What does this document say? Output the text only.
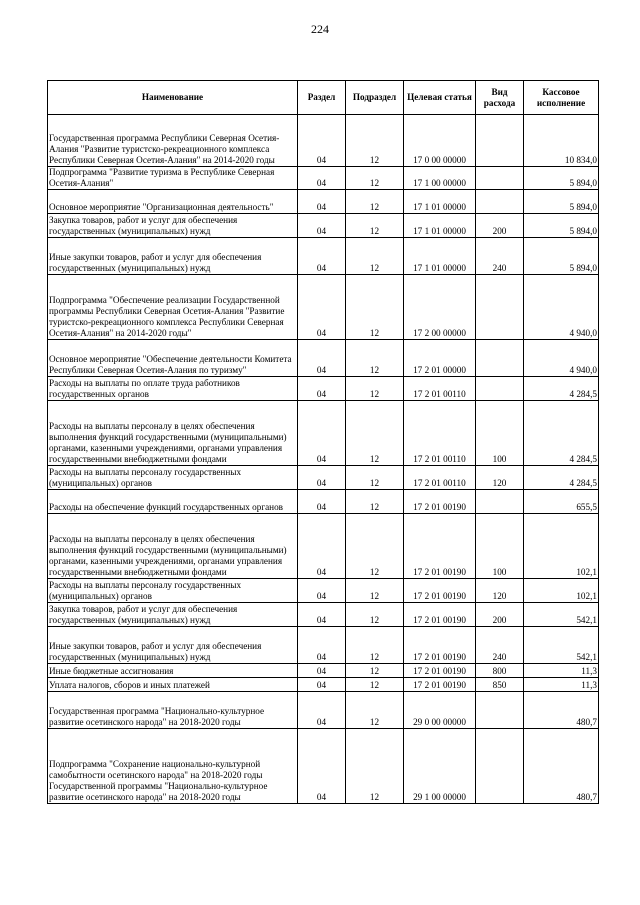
224
Наименование	Раздел	Подраздел	Целевая статья	Вид расхода	Кассовое исполнение
Государственная программа Республики Северная Осетия-Алания "Развитие туристско-рекреационного комплекса Республики Северная Осетия-Алания" на 2014-2020 годы	04	12	17 0 00 00000		10 834,0
Подпрограмма "Развитие туризма в Республике Северная Осетия-Алания"	04	12	17 1 00 00000		5 894,0
Основное мероприятие "Организационная деятельность"	04	12	17 1 01 00000		5 894,0
Закупка товаров, работ и услуг для обеспечения государственных (муниципальных) нужд	04	12	17 1 01 00000	200	5 894,0
Иные закупки товаров, работ и услуг для обеспечения государственных (муниципальных) нужд	04	12	17 1 01 00000	240	5 894,0
Подпрограмма "Обеспечение реализации Государственной программы Республики Северная Осетия-Алания "Развитие туристско-рекреационного комплекса Республики Северная Осетия-Алания" на 2014-2020 годы"	04	12	17 2 00 00000		4 940,0
Основное мероприятие "Обеспечение деятельности Комитета Республики Северная Осетия-Алания по туризму"	04	12	17 2 01 00000		4 940,0
Расходы на выплаты по оплате труда работников государственных органов	04	12	17 2 01 00110		4 284,5
Расходы на выплаты персоналу в целях обеспечения выполнения функций государственными (муниципальными) органами, казенными учреждениями, органами управления государственными внебюджетными фондами	04	12	17 2 01 00110	100	4 284,5
Расходы на выплаты персоналу государственных (муниципальных) органов	04	12	17 2 01 00110	120	4 284,5
Расходы на обеспечение функций государственных органов	04	12	17 2 01 00190		655,5
Расходы на выплаты персоналу в целях обеспечения выполнения функций государственными (муниципальными) органами, казенными учреждениями, органами управления государственными внебюджетными фондами	04	12	17 2 01 00190	100	102,1
Расходы на выплаты персоналу государственных (муниципальных) органов	04	12	17 2 01 00190	120	102,1
Закупка товаров, работ и услуг для обеспечения государственных (муниципальных) нужд	04	12	17 2 01 00190	200	542,1
Иные закупки товаров, работ и услуг для обеспечения государственных (муниципальных) нужд	04	12	17 2 01 00190	240	542,1
Иные бюджетные ассигнования	04	12	17 2 01 00190	800	11,3
Уплата налогов, сборов и иных платежей	04	12	17 2 01 00190	850	11,3
Государственная программа "Национально-культурное развитие осетинского народа" на 2018-2020 годы	04	12	29 0 00 00000		480,7
Подпрограмма "Сохранение национально-культурной самобытности осетинского народа" на 2018-2020 годы Государственной программы "Национально-культурное развитие осетинского народа" на 2018-2020 годы	04	12	29 1 00 00000		480,7
